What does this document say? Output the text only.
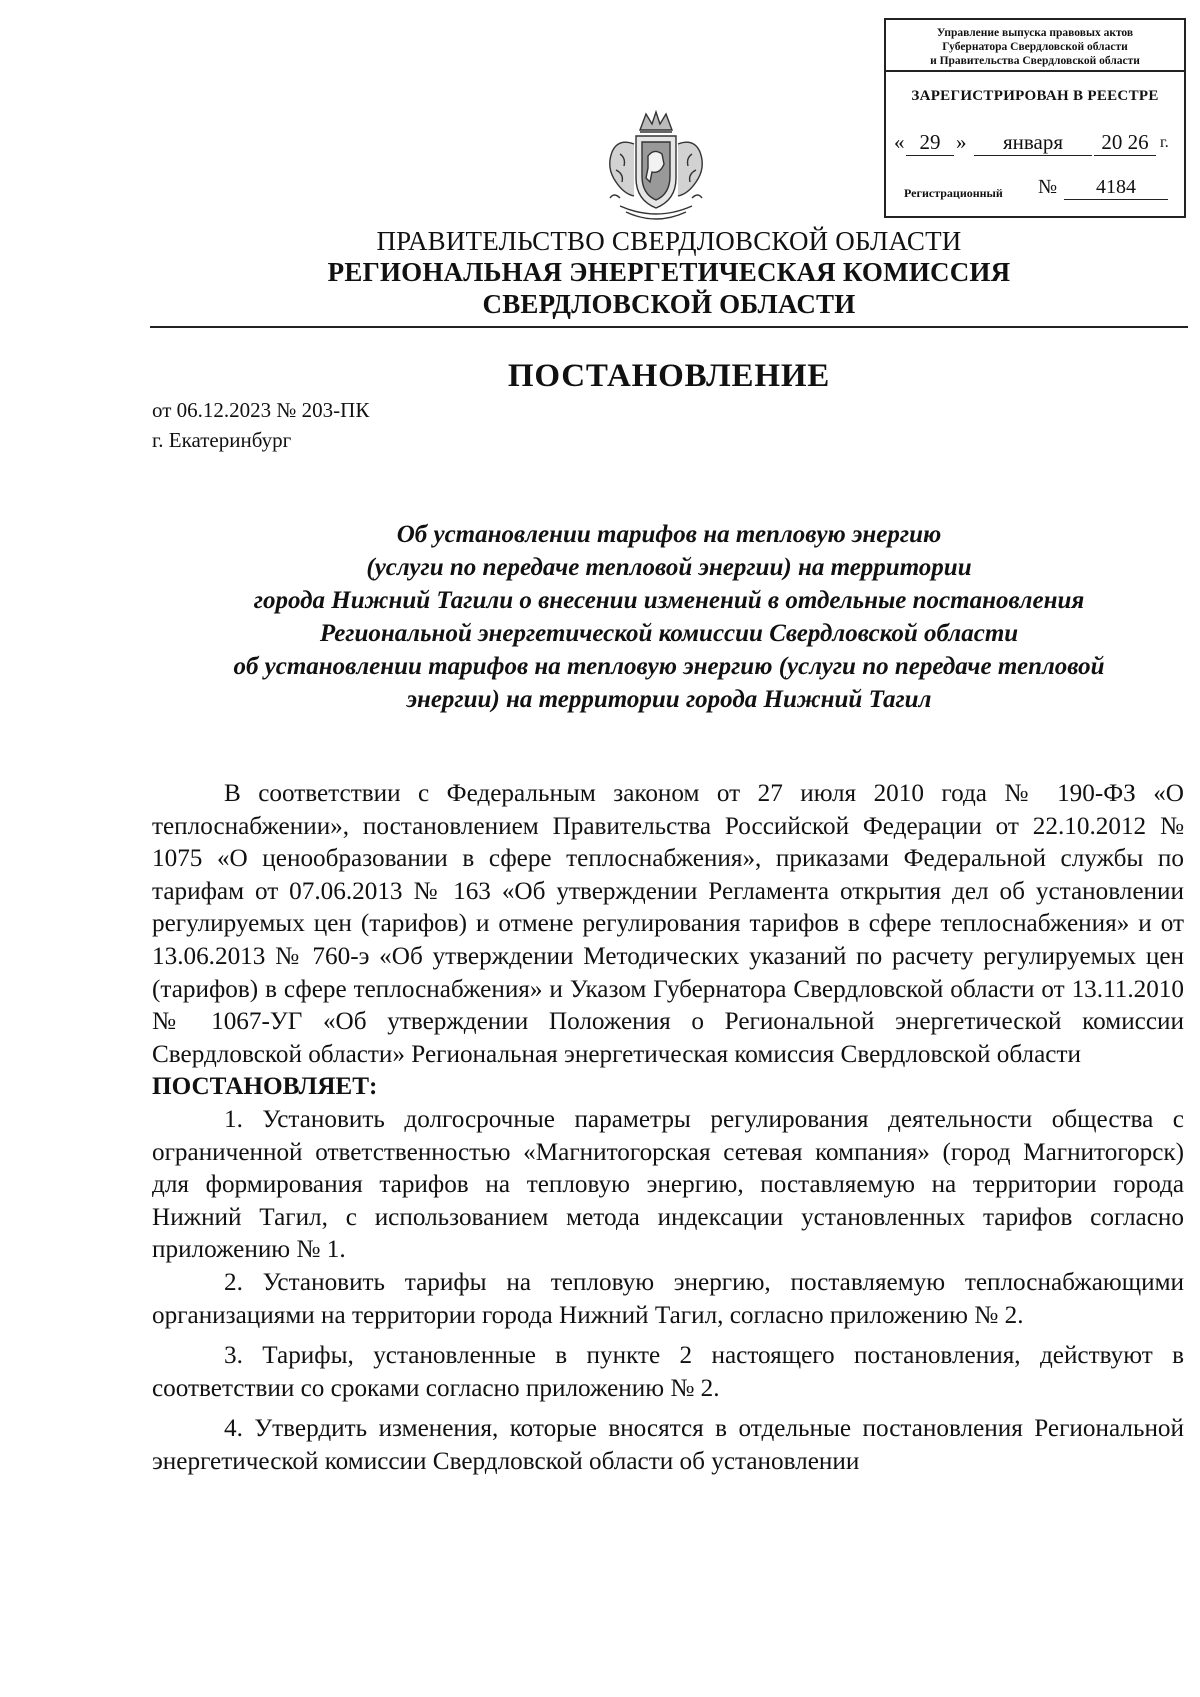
Управление выпуска правовых актов
Губернатора Свердловской области
и Правительства Свердловской области
ЗАРЕГИСТРИРОВАН В РЕЕСТРЕ
« 29 »	января	20 26 г.
Регистрационный №	4184
ПРАВИТЕЛЬСТВО СВЕРДЛОВСКОЙ ОБЛАСТИ
РЕГИОНАЛЬНАЯ ЭНЕРГЕТИЧЕСКАЯ КОМИССИЯ
СВЕРДЛОВСКОЙ ОБЛАСТИ
ПОСТАНОВЛЕНИЕ
от 06.12.2023 № 203-ПК
г. Екатеринбург
Об установлении тарифов на тепловую энергию
(услуги по передаче тепловой энергии) на территории
города Нижний Тагили о внесении изменений в отдельные постановления
Региональной энергетической комиссии Свердловской области
об установлении тарифов на тепловую энергию (услуги по передаче тепловой
энергии) на территории города Нижний Тагил

В соответствии с Федеральным законом от 27 июля 2010 года № 190-ФЗ «О теплоснабжении», постановлением Правительства Российской Федерации от 22.10.2012 № 1075 «О ценообразовании в сфере теплоснабжения», приказами Федеральной службы по тарифам от 07.06.2013 № 163 «Об утверждении Регламента открытия дел об установлении регулируемых цен (тарифов) и отмене регулирования тарифов в сфере теплоснабжения» и от 13.06.2013 № 760-э «Об утверждении Методических указаний по расчету регулируемых цен (тарифов) в сфере теплоснабжения» и Указом Губернатора Свердловской области от 13.11.2010 № 1067-УГ «Об утверждении Положения о Региональной энергетической комиссии Свердловской области» Региональная энергетическая комиссия Свердловской области

ПОСТАНОВЛЯЕТ:

1. Установить долгосрочные параметры регулирования деятельности общества с ограниченной ответственностью «Магнитогорская сетевая компания» (город Магнитогорск) для формирования тарифов на тепловую энергию, поставляемую на территории города Нижний Тагил, с использованием метода индексации установленных тарифов согласно приложению № 1.

2. Установить тарифы на тепловую энергию, поставляемую теплоснабжающими организациями на территории города Нижний Тагил, согласно приложению № 2.

3. Тарифы, установленные в пункте 2 настоящего постановления, действуют в соответствии со сроками согласно приложению № 2.

4. Утвердить изменения, которые вносятся в отдельные постановления Региональной энергетической комиссии Свердловской области об установлении
